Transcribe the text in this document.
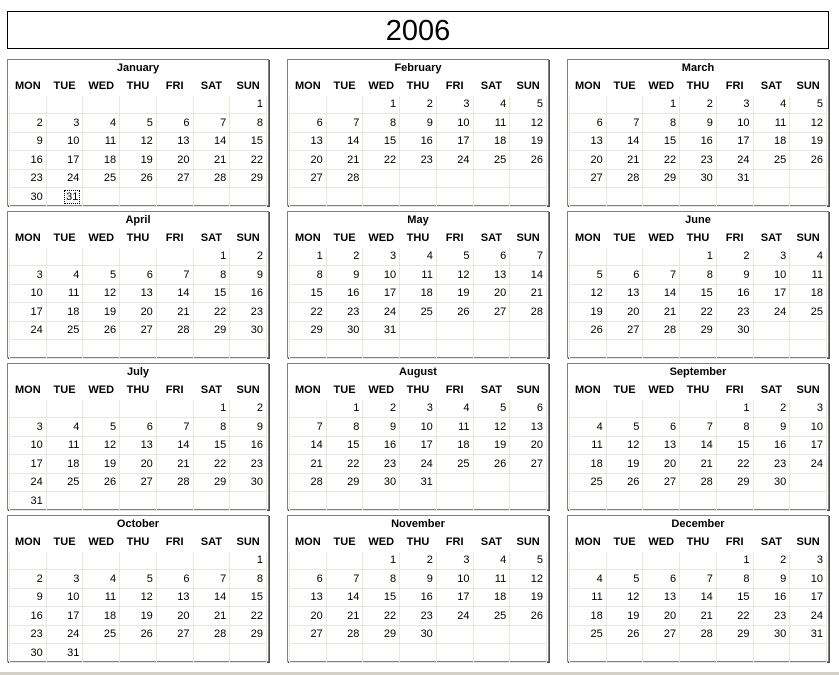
2006
January
MON	TUE	WED	THU	FRI	SAT	SUN
						1
2	3	4	5	6	7	8
9	10	11	12	13	14	15
16	17	18	19	20	21	22
23	24	25	26	27	28	29
30	31					
February
MON	TUE	WED	THU	FRI	SAT	SUN
		1	2	3	4	5
6	7	8	9	10	11	12
13	14	15	16	17	18	19
20	21	22	23	24	25	26
27	28					

March
MON	TUE	WED	THU	FRI	SAT	SUN
		1	2	3	4	5
6	7	8	9	10	11	12
13	14	15	16	17	18	19
20	21	22	23	24	25	26
27	28	29	30	31		

April
MON	TUE	WED	THU	FRI	SAT	SUN
					1	2
3	4	5	6	7	8	9
10	11	12	13	14	15	16
17	18	19	20	21	22	23
24	25	26	27	28	29	30

May
MON	TUE	WED	THU	FRI	SAT	SUN
1	2	3	4	5	6	7
8	9	10	11	12	13	14
15	16	17	18	19	20	21
22	23	24	25	26	27	28
29	30	31				

June
MON	TUE	WED	THU	FRI	SAT	SUN
			1	2	3	4
5	6	7	8	9	10	11
12	13	14	15	16	17	18
19	20	21	22	23	24	25
26	27	28	29	30		

July
MON	TUE	WED	THU	FRI	SAT	SUN
					1	2
3	4	5	6	7	8	9
10	11	12	13	14	15	16
17	18	19	20	21	22	23
24	25	26	27	28	29	30
31						
August
MON	TUE	WED	THU	FRI	SAT	SUN
	1	2	3	4	5	6
7	8	9	10	11	12	13
14	15	16	17	18	19	20
21	22	23	24	25	26	27
28	29	30	31			

September
MON	TUE	WED	THU	FRI	SAT	SUN
				1	2	3
4	5	6	7	8	9	10
11	12	13	14	15	16	17
18	19	20	21	22	23	24
25	26	27	28	29	30	

October
MON	TUE	WED	THU	FRI	SAT	SUN
						1
2	3	4	5	6	7	8
9	10	11	12	13	14	15
16	17	18	19	20	21	22
23	24	25	26	27	28	29
30	31					
November
MON	TUE	WED	THU	FRI	SAT	SUN
		1	2	3	4	5
6	7	8	9	10	11	12
13	14	15	16	17	18	19
20	21	22	23	24	25	26
27	28	29	30			

December
MON	TUE	WED	THU	FRI	SAT	SUN
				1	2	3
4	5	6	7	8	9	10
11	12	13	14	15	16	17
18	19	20	21	22	23	24
25	26	27	28	29	30	31
